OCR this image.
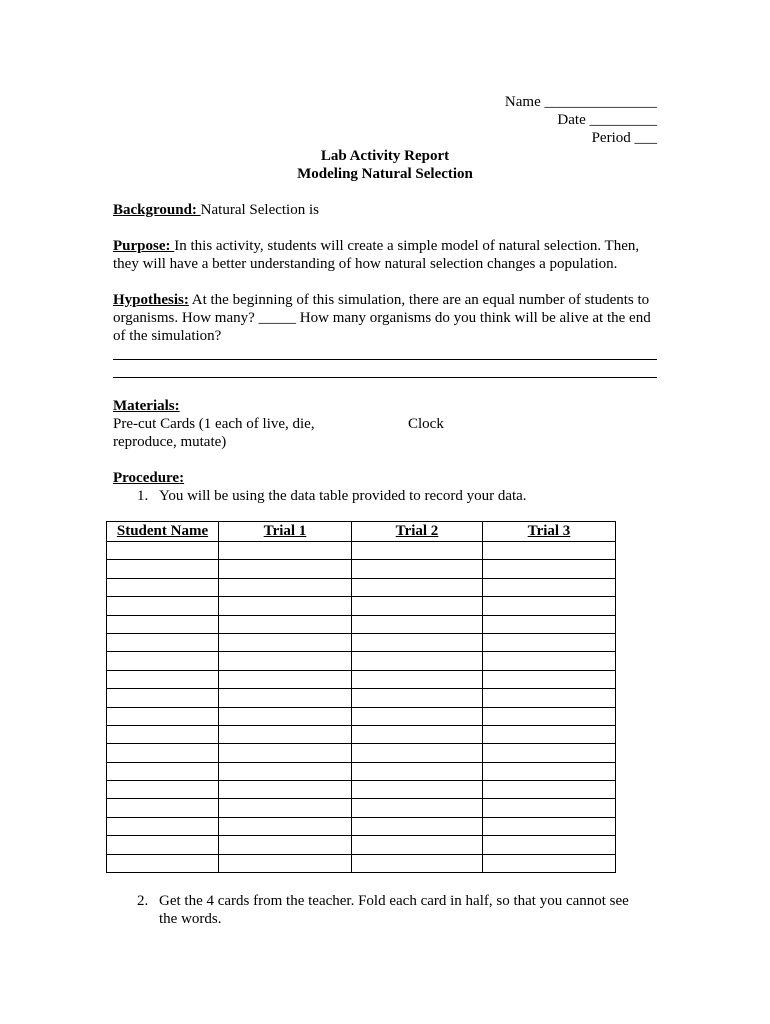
Name _______________
Date _________
Period ___
Lab Activity Report
Modeling Natural Selection
Background: Natural Selection is
Purpose: In this activity, students will create a simple model of natural selection. Then, they will have a better understanding of how natural selection changes a population.
Hypothesis: At the beginning of this simulation, there are an equal number of students to organisms. How many? _____ How many organisms do you think will be alive at the end of the simulation?
Materials:
Pre-cut Cards (1 each of live, die,
reproduce, mutate)
Clock
Procedure:
1. You will be using the data table provided to record your data.
Student Name	Trial 1	Trial 2	Trial 3

2. Get the 4 cards from the teacher. Fold each card in half, so that you cannot see
the words.
